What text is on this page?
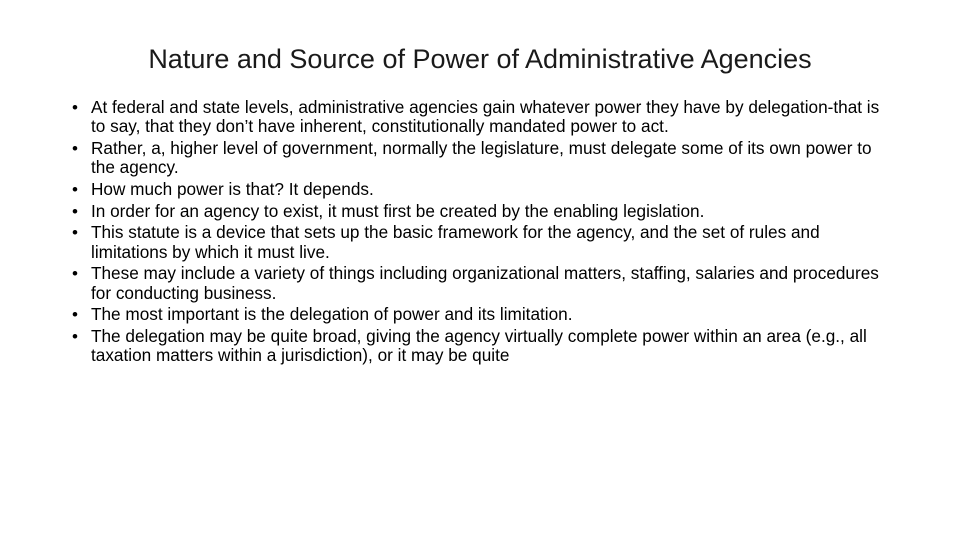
Nature and Source of Power of Administrative Agencies
• At federal and state levels, administrative agencies gain whatever power they have by delegation-that is to say, that they don’t have inherent, constitutionally mandated power to act.
• Rather, a, higher level of government, normally the legislature, must delegate some of its own power to the agency.
• How much power is that? It depends.
• In order for an agency to exist, it must first be created by the enabling legislation.
• This statute is a device that sets up the basic framework for the agency, and the set of rules and limitations by which it must live.
• These may include a variety of things including organizational matters, staffing, salaries and procedures for conducting business.
• The most important is the delegation of power and its limitation.
• The delegation may be quite broad, giving the agency virtually complete power within an area (e.g., all taxation matters within a jurisdiction), or it may be quite
